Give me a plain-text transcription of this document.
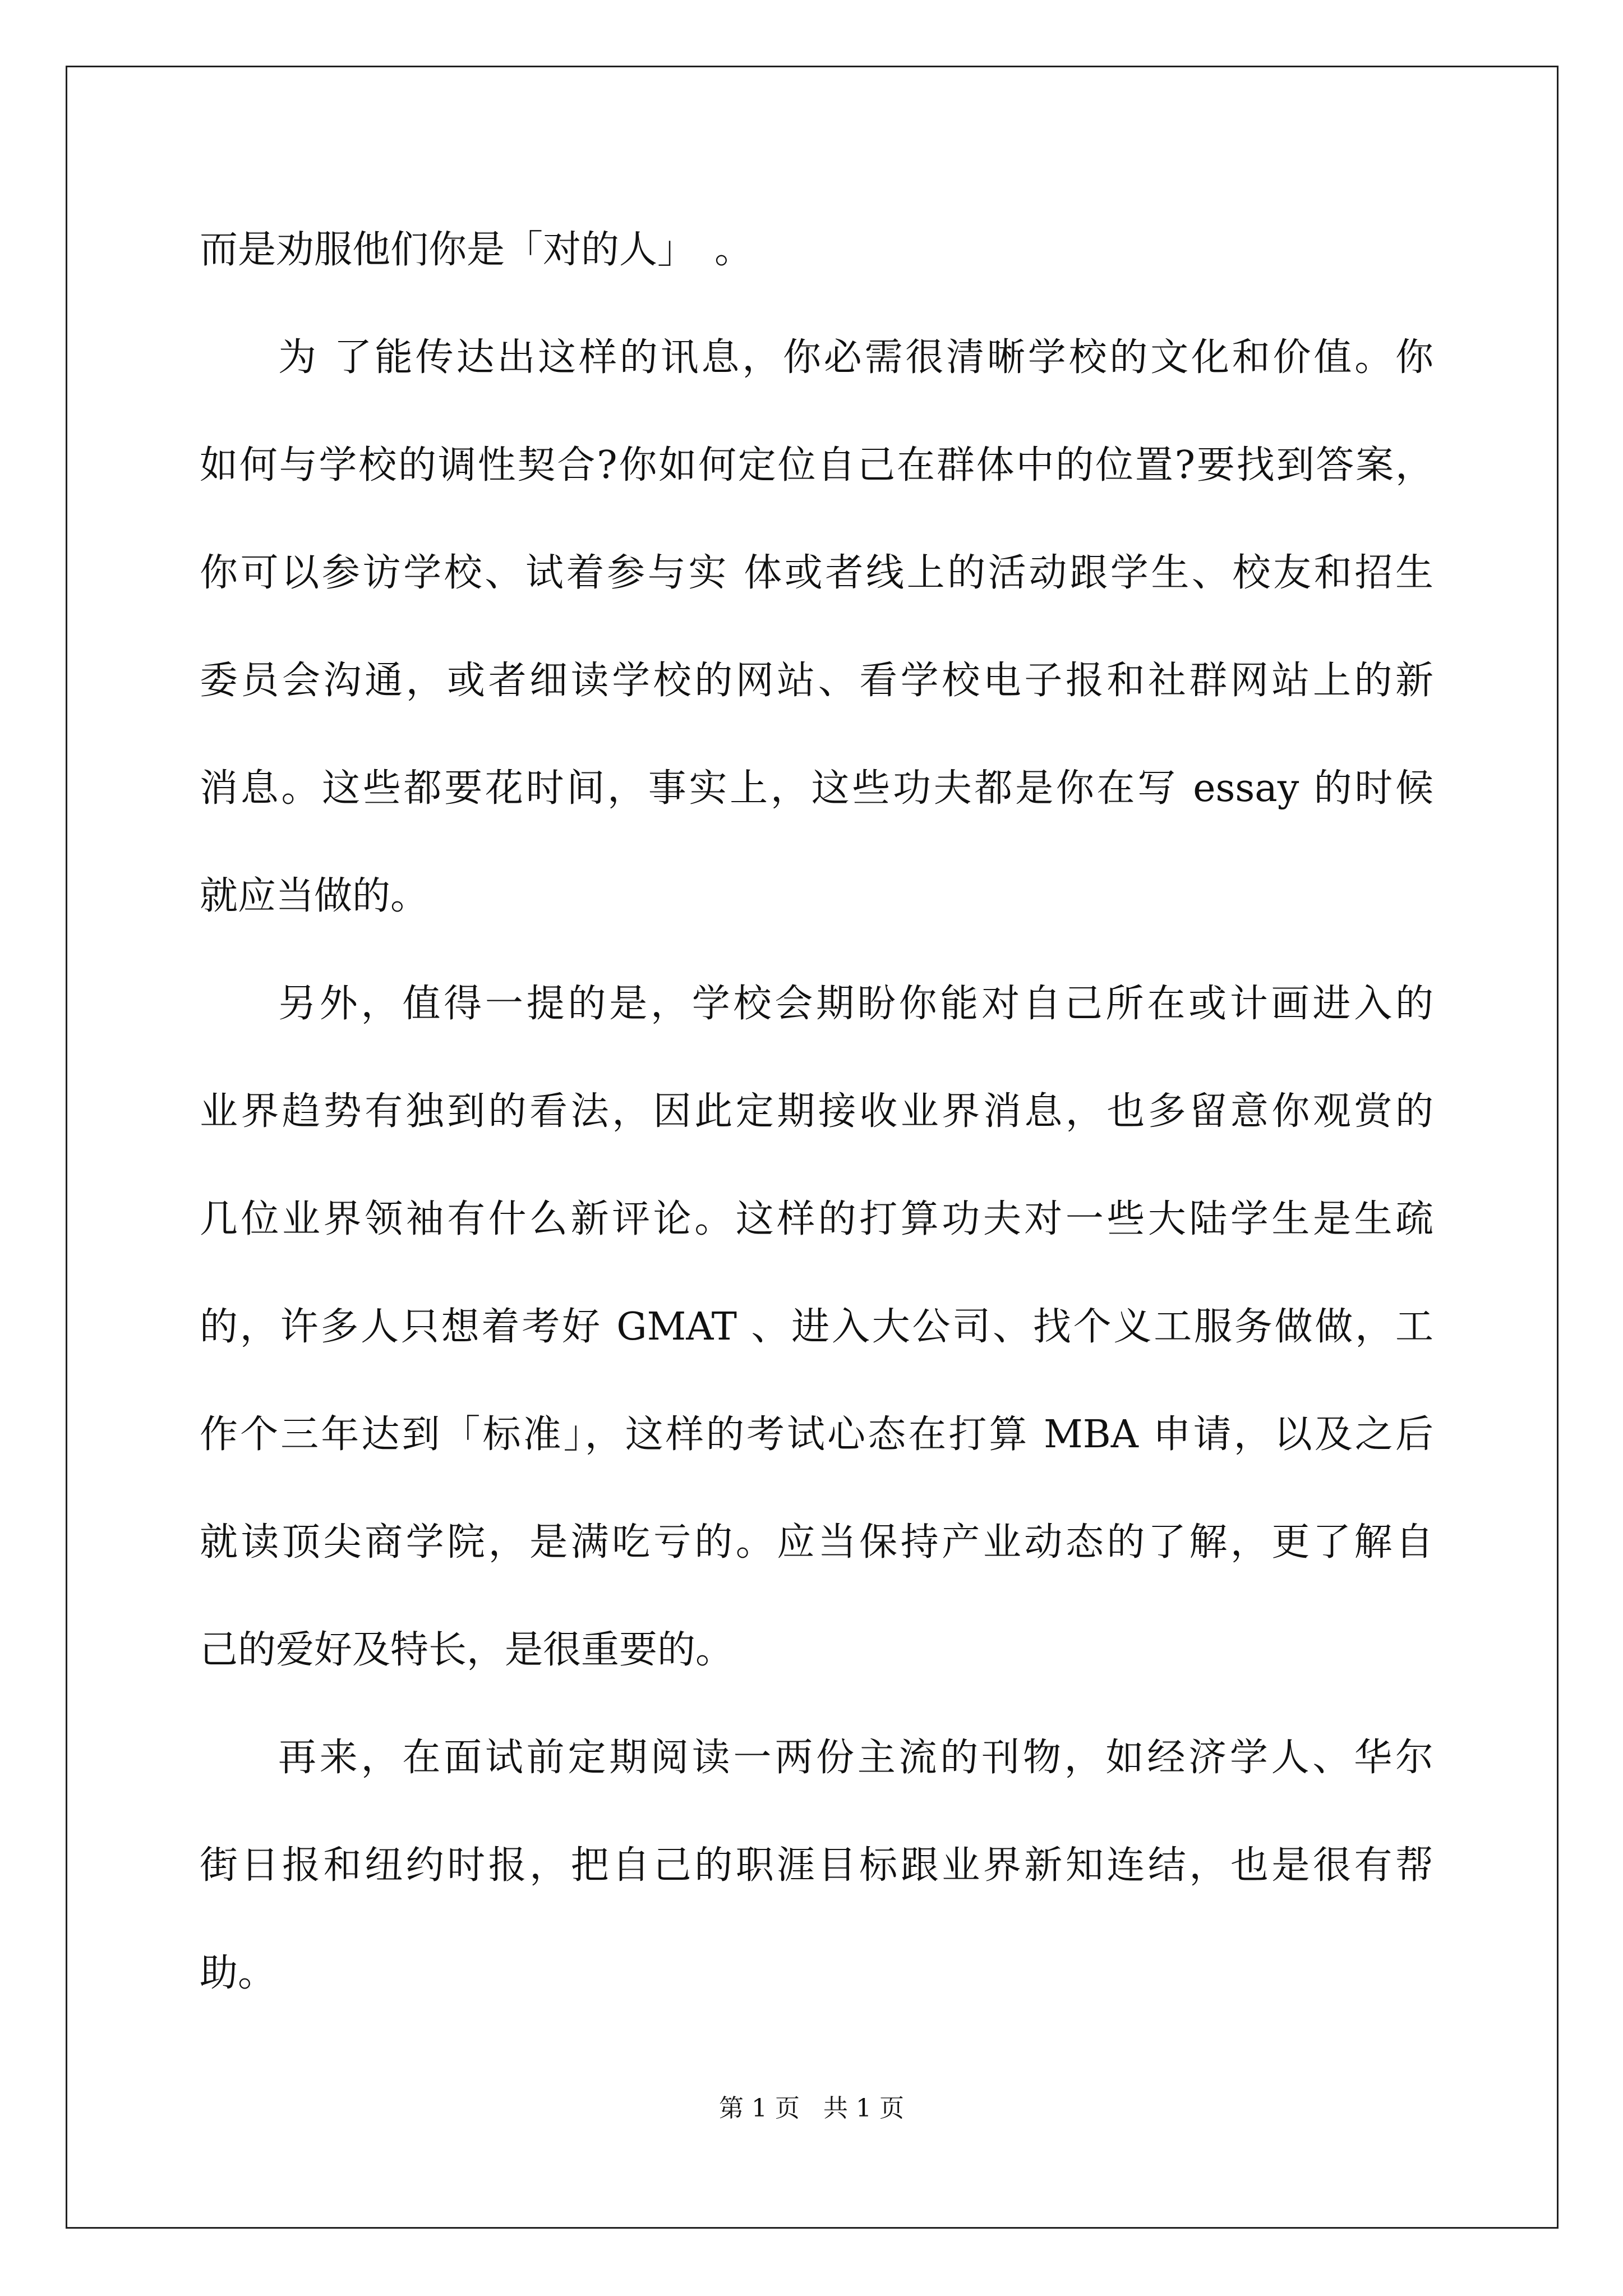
而是劝服他们你是「对的人」　。
为 了能传达出这样的讯息，你必需很清晰学校的文化和价值。你
如何与学校的调性契合?你如何定位自己在群体中的位置?要找到答案，
你可以参访学校、试着参与实 体或者线上的活动跟学生、校友和招生
委员会沟通，或者细读学校的网站、看学校电子报和社群网站上的新
消息。这些都要花时间，事实上，这些功夫都是你在写 essay 的时候
就应当做的。
另外，值得一提的是，学校会期盼你能对自己所在或计画进入的
业界趋势有独到的看法，因此定期接收业界消息，也多留意你观赏的
几位业界领袖有什么新评论。这样的打算功夫对一些大陆学生是生疏
的，许多人只想着考好 GMAT 、进入大公司、找个义工服务做做，工
作个三年达到「标准」，这样的考试心态在打算 MBA 申请，以及之后
就读顶尖商学院，是满吃亏的。应当保持产业动态的了解，更了解自
己的爱好及特长，是很重要的。
再来，在面试前定期阅读一两份主流的刊物，如经济学人、华尔
街日报和纽约时报，把自己的职涯目标跟业界新知连结，也是很有帮
助。
第 1 页   共 1 页
